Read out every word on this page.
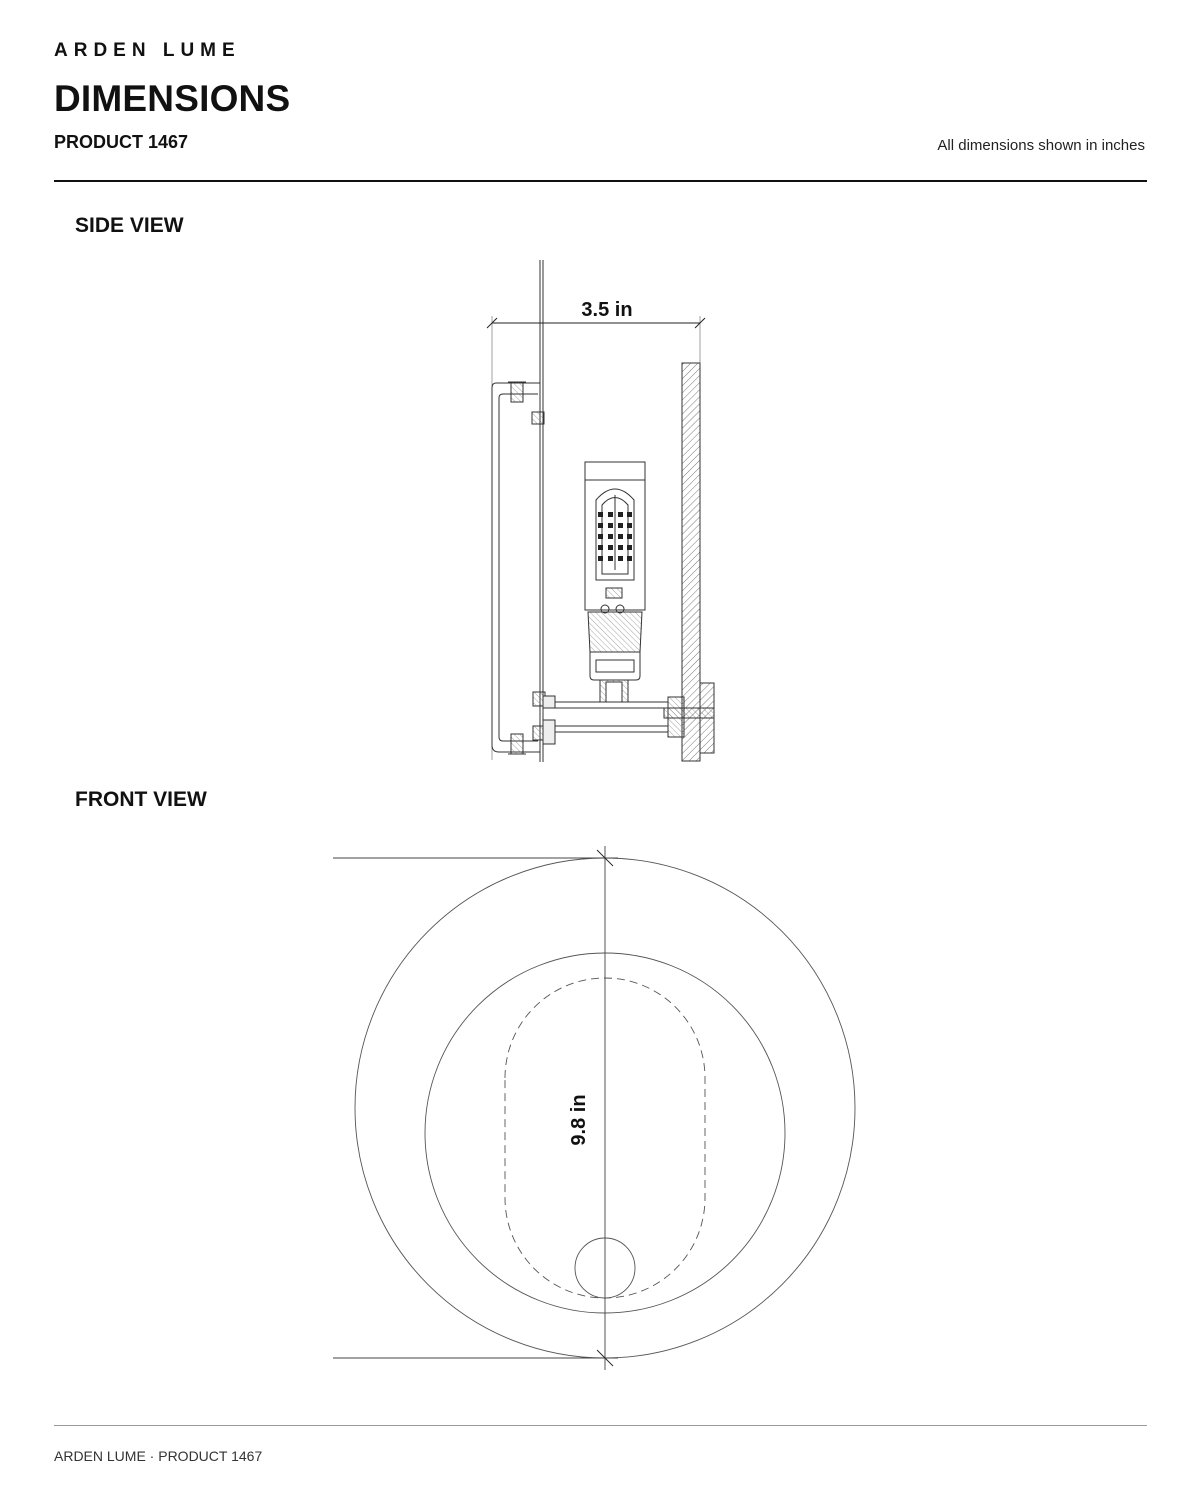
ARDEN LUME
DIMENSIONS
PRODUCT 1467	All dimensions shown in inches
SIDE VIEW
FRONT VIEW
3.5 in
9.8 in
ARDEN LUME · PRODUCT 1467
